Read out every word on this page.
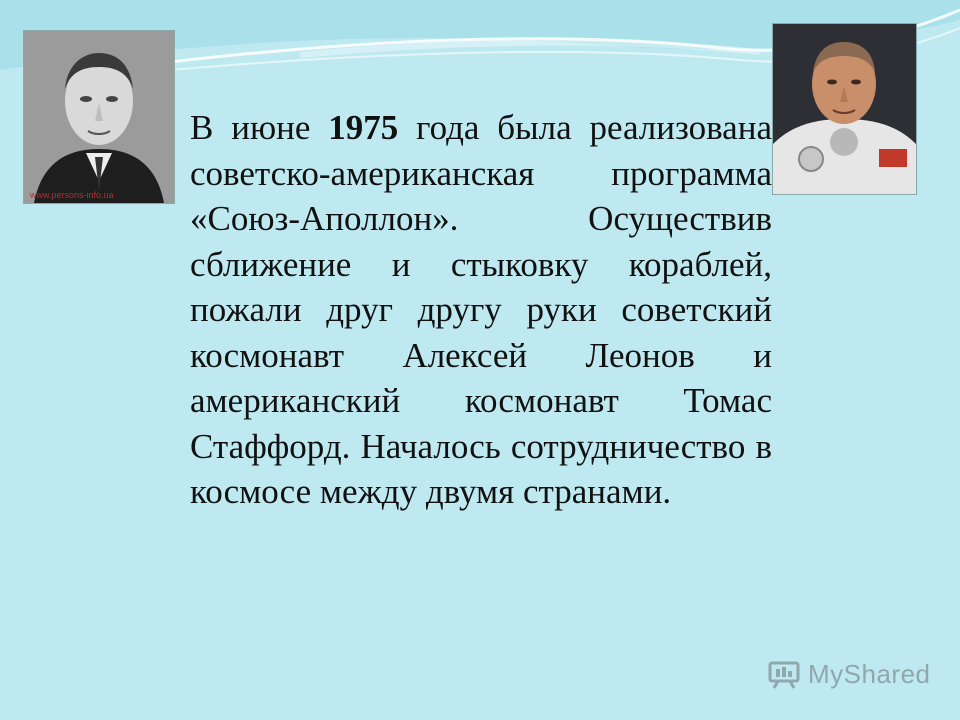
www.persons-info.ua
В июне 1975 года была реализована советско-американская программа «Союз-Аполлон». Осуществив сближение и стыковку кораблей, пожали друг другу руки советский космонавт Алексей Леонов и американский космонавт Томас Стаффорд. Началось сотрудничество в космосе между двумя странами.
MyShared
